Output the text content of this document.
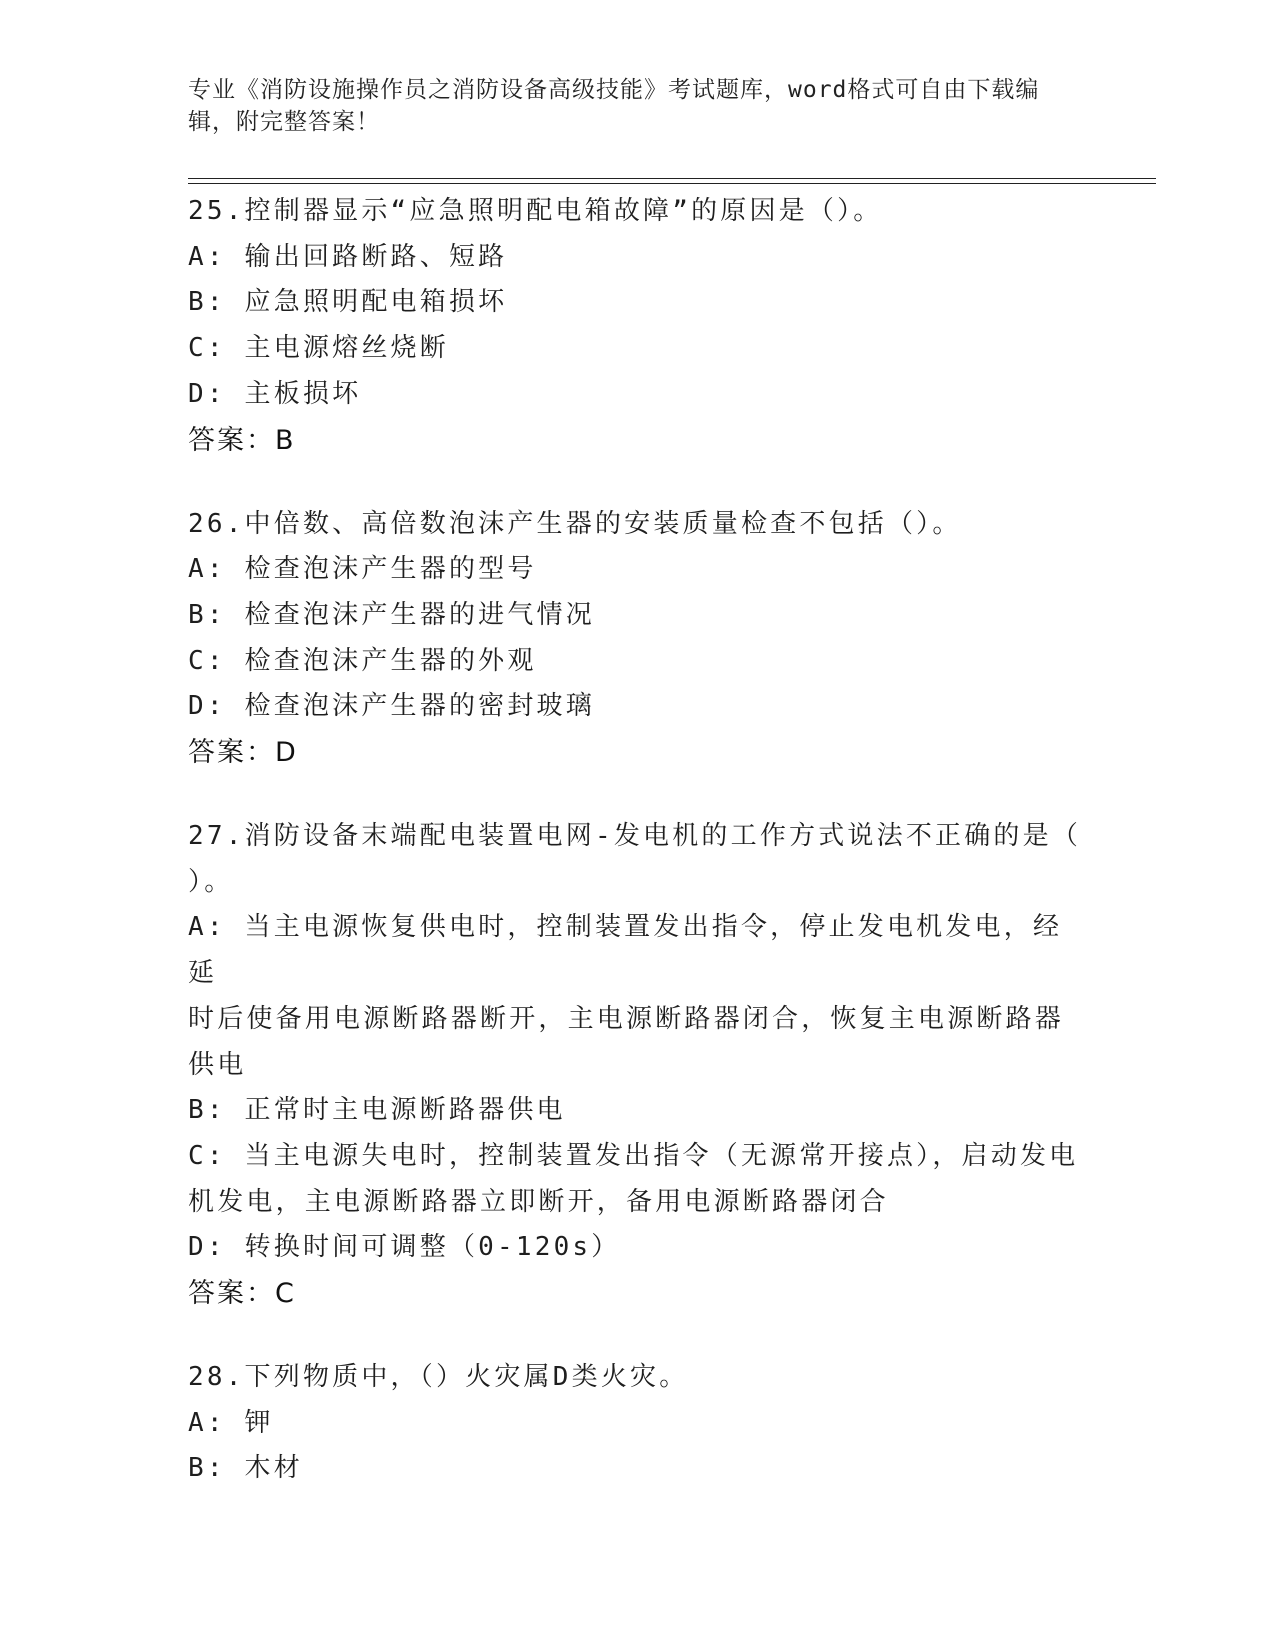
专业《消防设施操作员之消防设备高级技能》考试题库，word格式可自由下载编
辑，附完整答案！
25.控制器显示“应急照明配电箱故障”的原因是（）。
A: 输出回路断路、短路
B: 应急照明配电箱损坏
C: 主电源熔丝烧断
D: 主板损坏
答案：B
26.中倍数、高倍数泡沫产生器的安装质量检查不包括（）。
A: 检查泡沫产生器的型号
B: 检查泡沫产生器的进气情况
C: 检查泡沫产生器的外观
D: 检查泡沫产生器的密封玻璃
答案：D
27.消防设备末端配电装置电网-发电机的工作方式说法不正确的是（
）。
A: 当主电源恢复供电时，控制装置发出指令，停止发电机发电，经延
时后使备用电源断路器断开，主电源断路器闭合，恢复主电源断路器
供电
B: 正常时主电源断路器供电
C: 当主电源失电时，控制装置发出指令（无源常开接点），启动发电
机发电，主电源断路器立即断开，备用电源断路器闭合
D: 转换时间可调整（0-120s）
答案：C
28.下列物质中，（）火灾属D类火灾。
A: 钾
B: 木材
